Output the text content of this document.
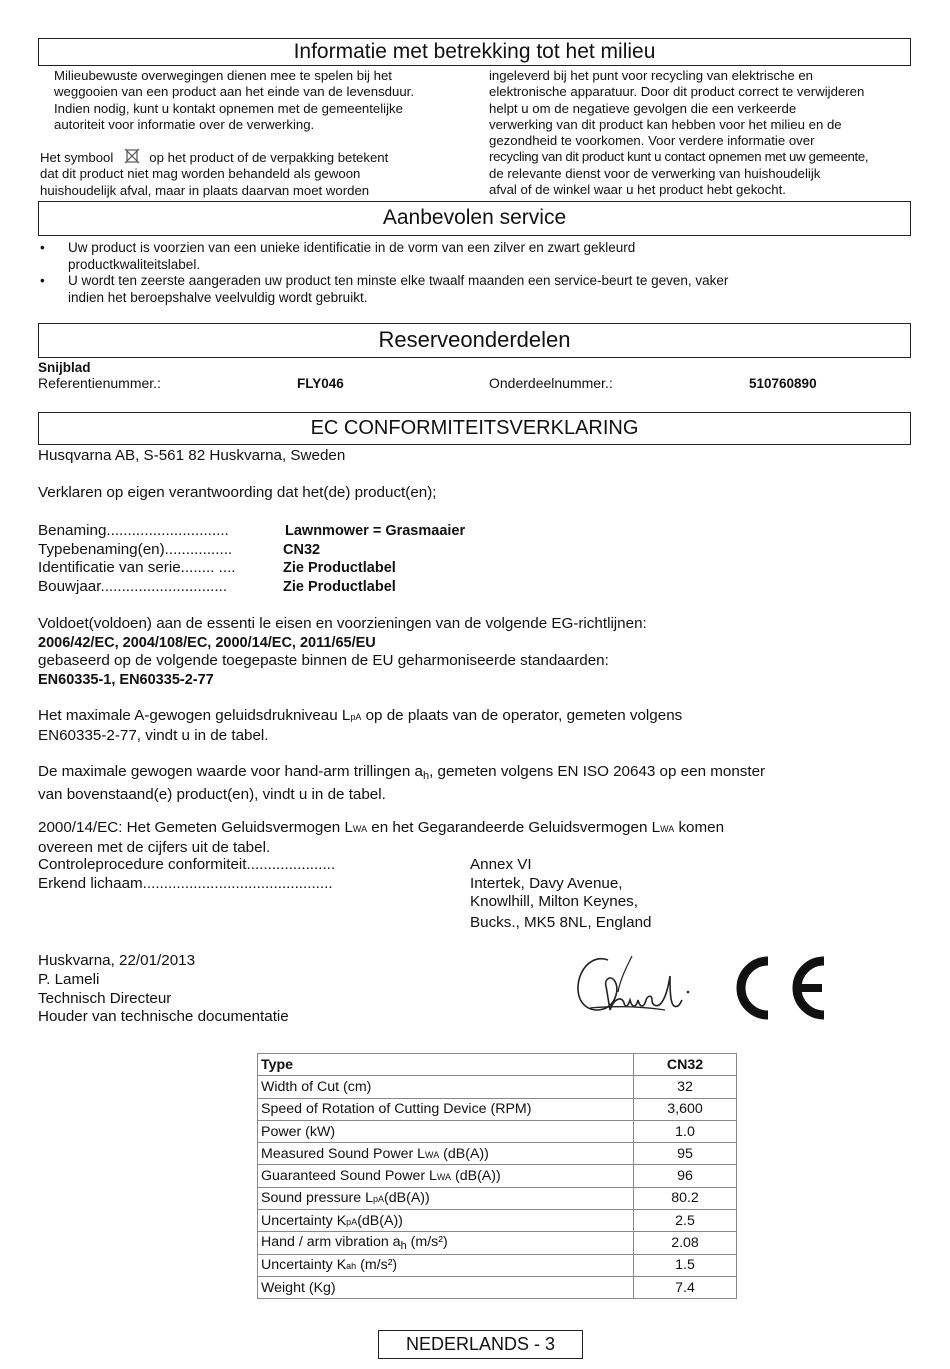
Informatie met betrekking tot het milieu

Milieubewuste overwegingen dienen mee te spelen bij het

weggooien van een product aan het einde van de levensduur.

Indien nodig, kunt u kontakt opnemen met de gemeentelijke

autoriteit voor informatie over de verwerking.

Het symbool	op het product of de verpakking betekent

dat dit product niet mag worden behandeld als gewoon

huishoudelijk afval, maar in plaats daarvan moet worden

ingeleverd bij het punt voor recycling van elektrische en

elektronische apparatuur. Door dit product correct te verwijderen

helpt u om de negatieve gevolgen die een verkeerde

verwerking van dit product kan hebben voor het milieu en de

gezondheid te voorkomen. Voor verdere informatie over

recycling van dit product kunt u contact opnemen met uw gemeente,

de relevante dienst voor de verwerking van huishoudelijk

afval of de winkel waar u het product hebt gekocht.

Aanbevolen service
• Uw product is voorzien van een unieke identificatie in de vorm van een zilver en zwart gekleurd
productkwaliteitslabel.
• U wordt ten zeerste aangeraden uw product ten minste elke twaalf maanden een service-beurt te geven, vaker
indien het beroepshalve veelvuldig wordt gebruikt.
Reserveonderdelen
Snijblad
Referentienummer.:	FLY046	Onderdeelnummer.:	510760890
EC CONFORMITEITSVERKLARING
Husqvarna AB, S-561 82 Huskvarna, Sweden
Verklaren op eigen verantwoording dat het(de) product(en);
Benaming.............................	Lawnmower = Grasmaaier
Typebenaming(en)................	CN32
Identificatie van serie........ ....	Zie Productlabel
Bouwjaar..............................	Zie Productlabel
Voldoet(voldoen) aan de essenti le eisen en voorzieningen van de volgende EG-richtlijnen:
2006/42/EC, 2004/108/EC, 2000/14/EC, 2011/65/EU
gebaseerd op de volgende toegepaste binnen de EU geharmoniseerde standaarden:
EN60335-1, EN60335-2-77

Het maximale A-gewogen geluidsdrukniveau LpA op de plaats van de operator, gemeten volgens

EN60335-2-77, vindt u in de tabel.

De maximale gewogen waarde voor hand-arm trillingen ah, gemeten volgens EN ISO 20643 op een monster

van bovenstaand(e) product(en), vindt u in de tabel.

2000/14/EC: Het Gemeten Geluidsvermogen LWA en het Gegarandeerde Geluidsvermogen LWA komen

overeen met de cijfers uit de tabel.

Controleprocedure conformiteit.....................	Annex VI
Erkend lichaam.............................................	Intertek, Davy Avenue,
Knowlhill, Milton Keynes,
Bucks., MK5 8NL, England
Huskvarna, 22/01/2013
P. Lameli
Technisch Directeur
Houder van technische documentatie
Type	CN32
Width of Cut (cm)	32
Speed of Rotation of Cutting Device (RPM)	3,600
Power (kW)	1.0
Measured Sound Power LWA (dB(A))	95
Guaranteed Sound Power LWA (dB(A))	96
Sound pressure LpA(dB(A))	80.2
Uncertainty KpA(dB(A))	2.5
Hand / arm vibration $a_h$ (m/s²)	2.08
Uncertainty Kah (m/s²)	1.5
Weight (Kg)	7.4
NEDERLANDS - 3
